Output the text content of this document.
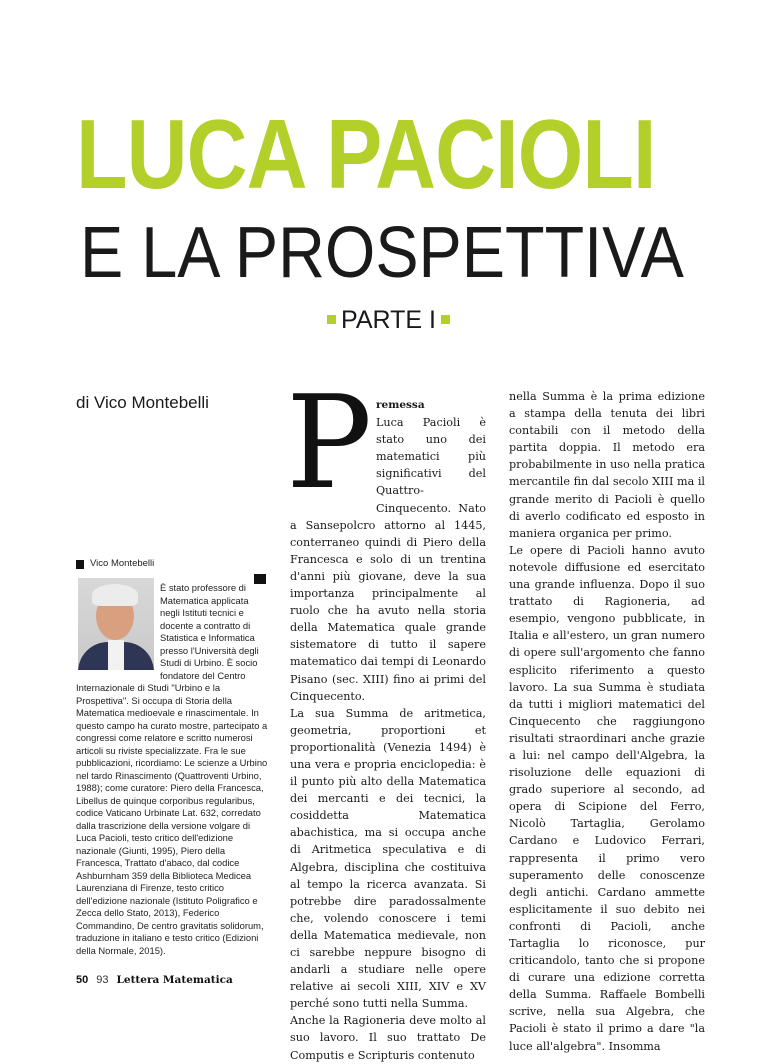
LUCA PACIOLI
E LA PROSPETTIVA
PARTE I
di Vico Montebelli
Vico Montebelli
È stato professore di Matematica applicata negli Istituti tecnici e docente a contratto di Statistica e Informatica presso l'Università degli Studi di Urbino. È socio fondatore del Centro Internazionale di Studi "Urbino e la Prospettiva". Si occupa di Storia della Matematica medioevale e rinascimentale. In questo campo ha curato mostre, partecipato a congressi come relatore e scritto numerosi articoli su riviste specializzate. Fra le sue pubblicazioni, ricordiamo: Le scienze a Urbino nel tardo Rinascimento (Quattroventi Urbino, 1988); come curatore: Piero della Francesca, Libellus de quinque corporibus regularibus, codice Vaticano Urbinate Lat. 632, corredato dalla trascrizione della versione volgare di Luca Pacioli, testo critico dell'edizione nazionale (Giunti, 1995), Piero della Francesca, Trattato d'abaco, dal codice Ashburnham 359 della Biblioteca Medicea Laurenziana di Firenze, testo critico dell'edizione nazionale (Istituto Poligrafico e Zecca dello Stato, 2013), Federico Commandino, De centro gravitatis solidorum, traduzione in italiano e testo critico (Edizioni della Normale, 2015).
P remessa

Luca Pacioli è stato uno dei matematici più significativi del Quattro-Cinquecento. Nato a Sansepolcro attorno al 1445, conterraneo quindi di Piero della Francesca e solo di un trentina d'anni più giovane, deve la sua importanza principalmente al ruolo che ha avuto nella storia della Matematica quale grande sistematore di tutto il sapere matematico dai tempi di Leonardo Pisano (sec. XIII) fino ai primi del Cinquecento.

La sua Summa de aritmetica, geometria, proportioni et proportionalità (Venezia 1494) è una vera e propria enciclopedia: è il punto più alto della Matematica dei mercanti e dei tecnici, la cosiddetta Matematica abachistica, ma si occupa anche di Aritmetica speculativa e di Algebra, disciplina che costituiva al tempo la ricerca avanzata. Si potrebbe dire paradossalmente che, volendo conoscere i temi della Matematica medievale, non ci sarebbe neppure bisogno di andarli a studiare nelle opere relative ai secoli XIII, XIV e XV perché sono tutti nella Summa.

Anche la Ragioneria deve molto al suo lavoro. Il suo trattato De Computis e Scripturis contenuto

nella Summa è la prima edizione a stampa della tenuta dei libri contabili con il metodo della partita doppia. Il metodo era probabilmente in uso nella pratica mercantile fin dal secolo XIII ma il grande merito di Pacioli è quello di averlo codificato ed esposto in maniera organica per primo.

Le opere di Pacioli hanno avuto notevole diffusione ed esercitato una grande influenza. Dopo il suo trattato di Ragioneria, ad esempio, vengono pubblicate, in Italia e all'estero, un gran numero di opere sull'argomento che fanno esplicito riferimento a questo lavoro. La sua Summa è studiata da tutti i migliori matematici del Cinquecento che raggiungono risultati straordinari anche grazie a lui: nel campo dell'Algebra, la risoluzione delle equazioni di grado superiore al secondo, ad opera di Scipione del Ferro, Nicolò Tartaglia, Gerolamo Cardano e Ludovico Ferrari, rappresenta il primo vero superamento delle conoscenze degli antichi. Cardano ammette esplicitamente il suo debito nei confronti di Pacioli, anche Tartaglia lo riconosce, pur criticandolo, tanto che si propone di curare una edizione corretta della Summa. Raffaele Bombelli scrive, nella sua Algebra, che Pacioli è stato il primo a dare "la luce all'algebra". Insomma

50 93 Lettera Matematica
